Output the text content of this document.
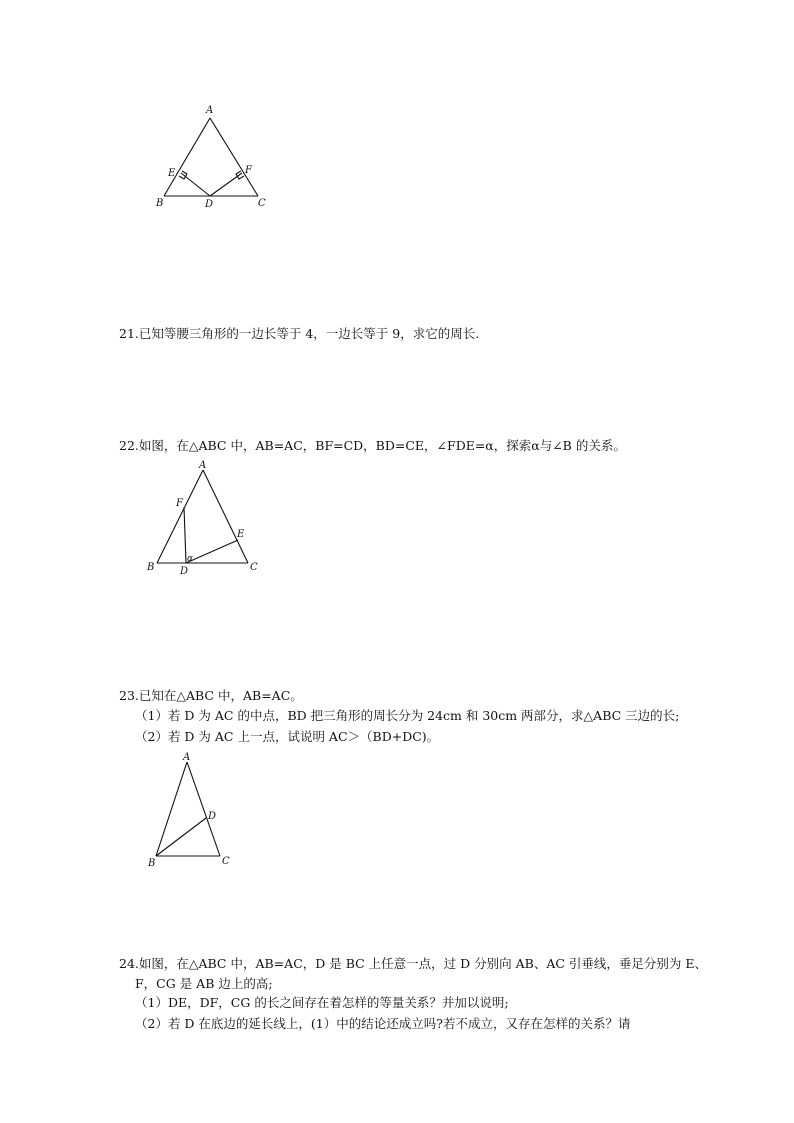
A
B	C
D
E	F
21.已知等腰三角形的一边长等于 4，一边长等于 9，求它的周长.
22.如图，在△ABC 中，AB=AC，BF=CD，BD=CE，∠FDE=α，探索α与∠B 的关系。
A
B	C
D
E
F
α
23.已知在△ABC 中，AB=AC。
（1）若 D 为 AC 的中点，BD 把三角形的周长分为 24cm 和 30cm 两部分，求△ABC 三边的长;
（2）若 D 为 AC 上一点，试说明 AC＞（BD+DC)。
A
B	C
D
24.如图，在△ABC 中，AB=AC，D 是 BC 上任意一点，过 D 分别向 AB、AC 引垂线，垂足分别为 E、
F，CG 是 AB 边上的高;
（1）DE，DF，CG 的长之间存在着怎样的等量关系？并加以说明;
（2）若 D 在底边的延长线上，(1）中的结论还成立吗?若不成立，又存在怎样的关系？请
